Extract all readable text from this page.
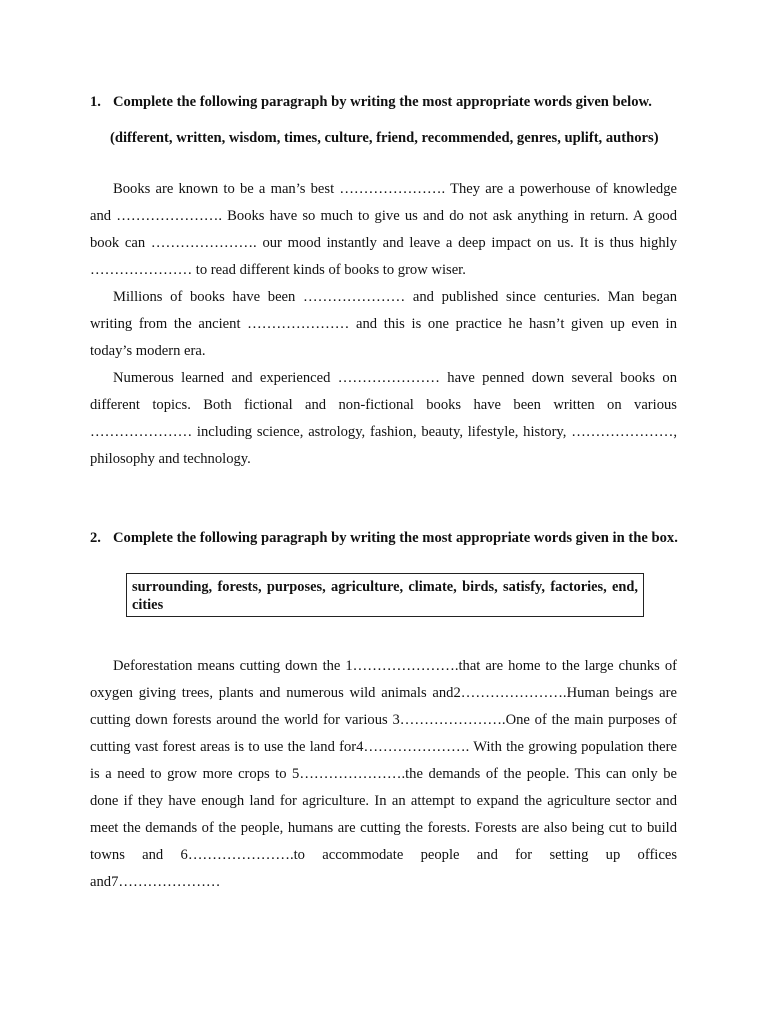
1. Complete the following paragraph by writing the most appropriate words given below.
(different, written, wisdom, times, culture, friend, recommended, genres, uplift, authors)

Books are known to be a man’s best …………………. They are a powerhouse of knowledge and …………………. Books have so much to give us and do not ask anything in return. A good book can …………………. our mood instantly and leave a deep impact on us. It is thus highly ………………… to read different kinds of books to grow wiser.

Millions of books have been ………………… and published since centuries. Man began writing from the ancient ………………… and this is one practice he hasn’t given up even in today’s modern era.

Numerous learned and experienced ………………… have penned down several books on different topics. Both fictional and non-fictional books have been written on various ………………… including science, astrology, fashion, beauty, lifestyle, history, …………………, philosophy and technology.

2. Complete the following paragraph by writing the most appropriate words given in the box.
surrounding, forests, purposes, agriculture, climate, birds, satisfy, factories, end, cities

Deforestation means cutting down the 1………………….that are home to the large chunks of oxygen giving trees, plants and numerous wild animals and2………………….Human beings are cutting down forests around the world for various 3………………….One of the main purposes of cutting vast forest areas is to use the land for4…………………. With the growing population there is a need to grow more crops to 5………………….the demands of the people. This can only be done if they have enough land for agriculture. In an attempt to expand the agriculture sector and meet the demands of the people, humans are cutting the forests. Forests are also being cut to build towns and 6………………….to accommodate people and for setting up offices and7…………………
